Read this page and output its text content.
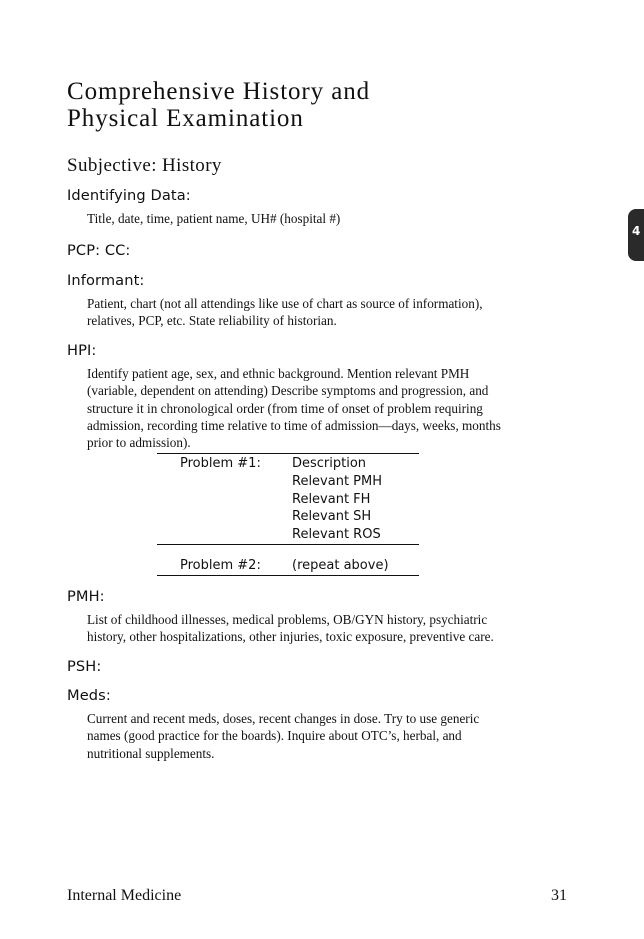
Comprehensive History and
Physical Examination
Subjective: History
Identifying Data:
Title, date, time, patient name, UH# (hospital #)
PCP: CC:
Informant:
Patient, chart (not all attendings like use of chart as source of information),
relatives, PCP, etc. State reliability of historian.
HPI:
Identify patient age, sex, and ethnic background. Mention relevant PMH
(variable, dependent on attending) Describe symptoms and progression, and
structure it in chronological order (from time of onset of problem requiring
admission, recording time relative to time of admission—days, weeks, months
prior to admission).
Problem #1: Description
Relevant PMH
Relevant FH
Relevant SH
Relevant ROS
Problem #2: (repeat above)
PMH:
List of childhood illnesses, medical problems, OB/GYN history, psychiatric
history, other hospitalizations, other injuries, toxic exposure, preventive care.
PSH:
Meds:
Current and recent meds, doses, recent changes in dose. Try to use generic
names (good practice for the boards). Inquire about OTC’s, herbal, and
nutritional supplements.
Internal Medicine	31
4
